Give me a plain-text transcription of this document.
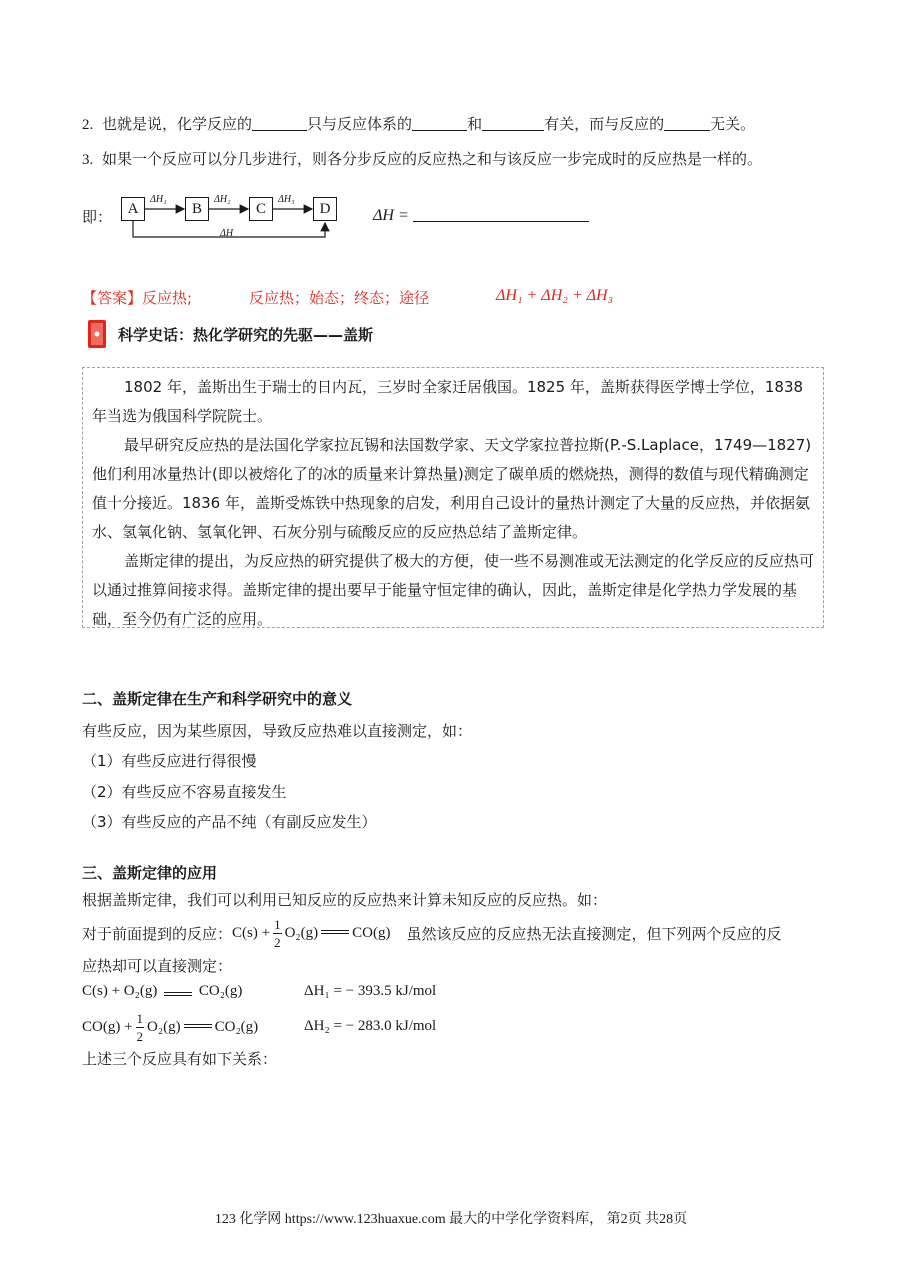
2. 也就是说，化学反应的	只与反应体系的	和	有关，而与反应的	无关。
3. 如果一个反应可以分几步进行，则各分步反应的反应热之和与该反应一步完成时的反应热是一样的。
即：	A	B	C	D
ΔH₁	ΔH₂	ΔH₃
ΔH
ΔH =
【答案】反应热;	反应热；始态；终态；途径	ΔH₁ + ΔH₂ + ΔH₃
科学史话：热化学研究的先驱——盖斯

1802 年，盖斯出生于瑞士的日内瓦，三岁时全家迁居俄国。1825 年，盖斯获得医学博士学位，1838 年当选为俄国科学院院士。

最早研究反应热的是法国化学家拉瓦锡和法国数学家、天文学家拉普拉斯(P.-S.Laplace，1749—1827)他们利用冰量热计(即以被熔化了的冰的质量来计算热量)测定了碳单质的燃烧热，测得的数值与现代精确测定值十分接近。1836 年，盖斯受炼铁中热现象的启发，利用自己设计的量热计测定了大量的反应热，并依据氨水、氢氧化钠、氢氧化钾、石灰分别与硫酸反应的反应热总结了盖斯定律。

盖斯定律的提出，为反应热的研究提供了极大的方便，使一些不易测准或无法测定的化学反应的反应热可以通过推算间接求得。盖斯定律的提出要早于能量守恒定律的确认，因此，盖斯定律是化学热力学发展的基础，至今仍有广泛的应用。

二、盖斯定律在生产和科学研究中的意义
有些反应，因为某些原因，导致反应热难以直接测定，如：
（1）有些反应进行得很慢
（2）有些反应不容易直接发生
（3）有些反应的产品不纯（有副反应发生）
三、盖斯定律的应用
根据盖斯定律，我们可以利用已知反应的反应热来计算未知反应的反应热。如：
对于前面提到的反应： $C(s) + \frac{1}{2} O_2(g)$ CO(g) 虽然该反应的反应热无法直接测定，但下列两个反应的反
应热却可以直接测定：
C(s) + O₂(g)	CO₂(g)	ΔH₁ = − 393.5 kJ/mol
$CO(g) + \frac{1}{2} O_2(g)$ CO₂(g)	ΔH₂ = − 283.0 kJ/mol
上述三个反应具有如下关系：
123 化学网 https://www.123huaxue.com 最大的中学化学资料库， 第2页 共28页
